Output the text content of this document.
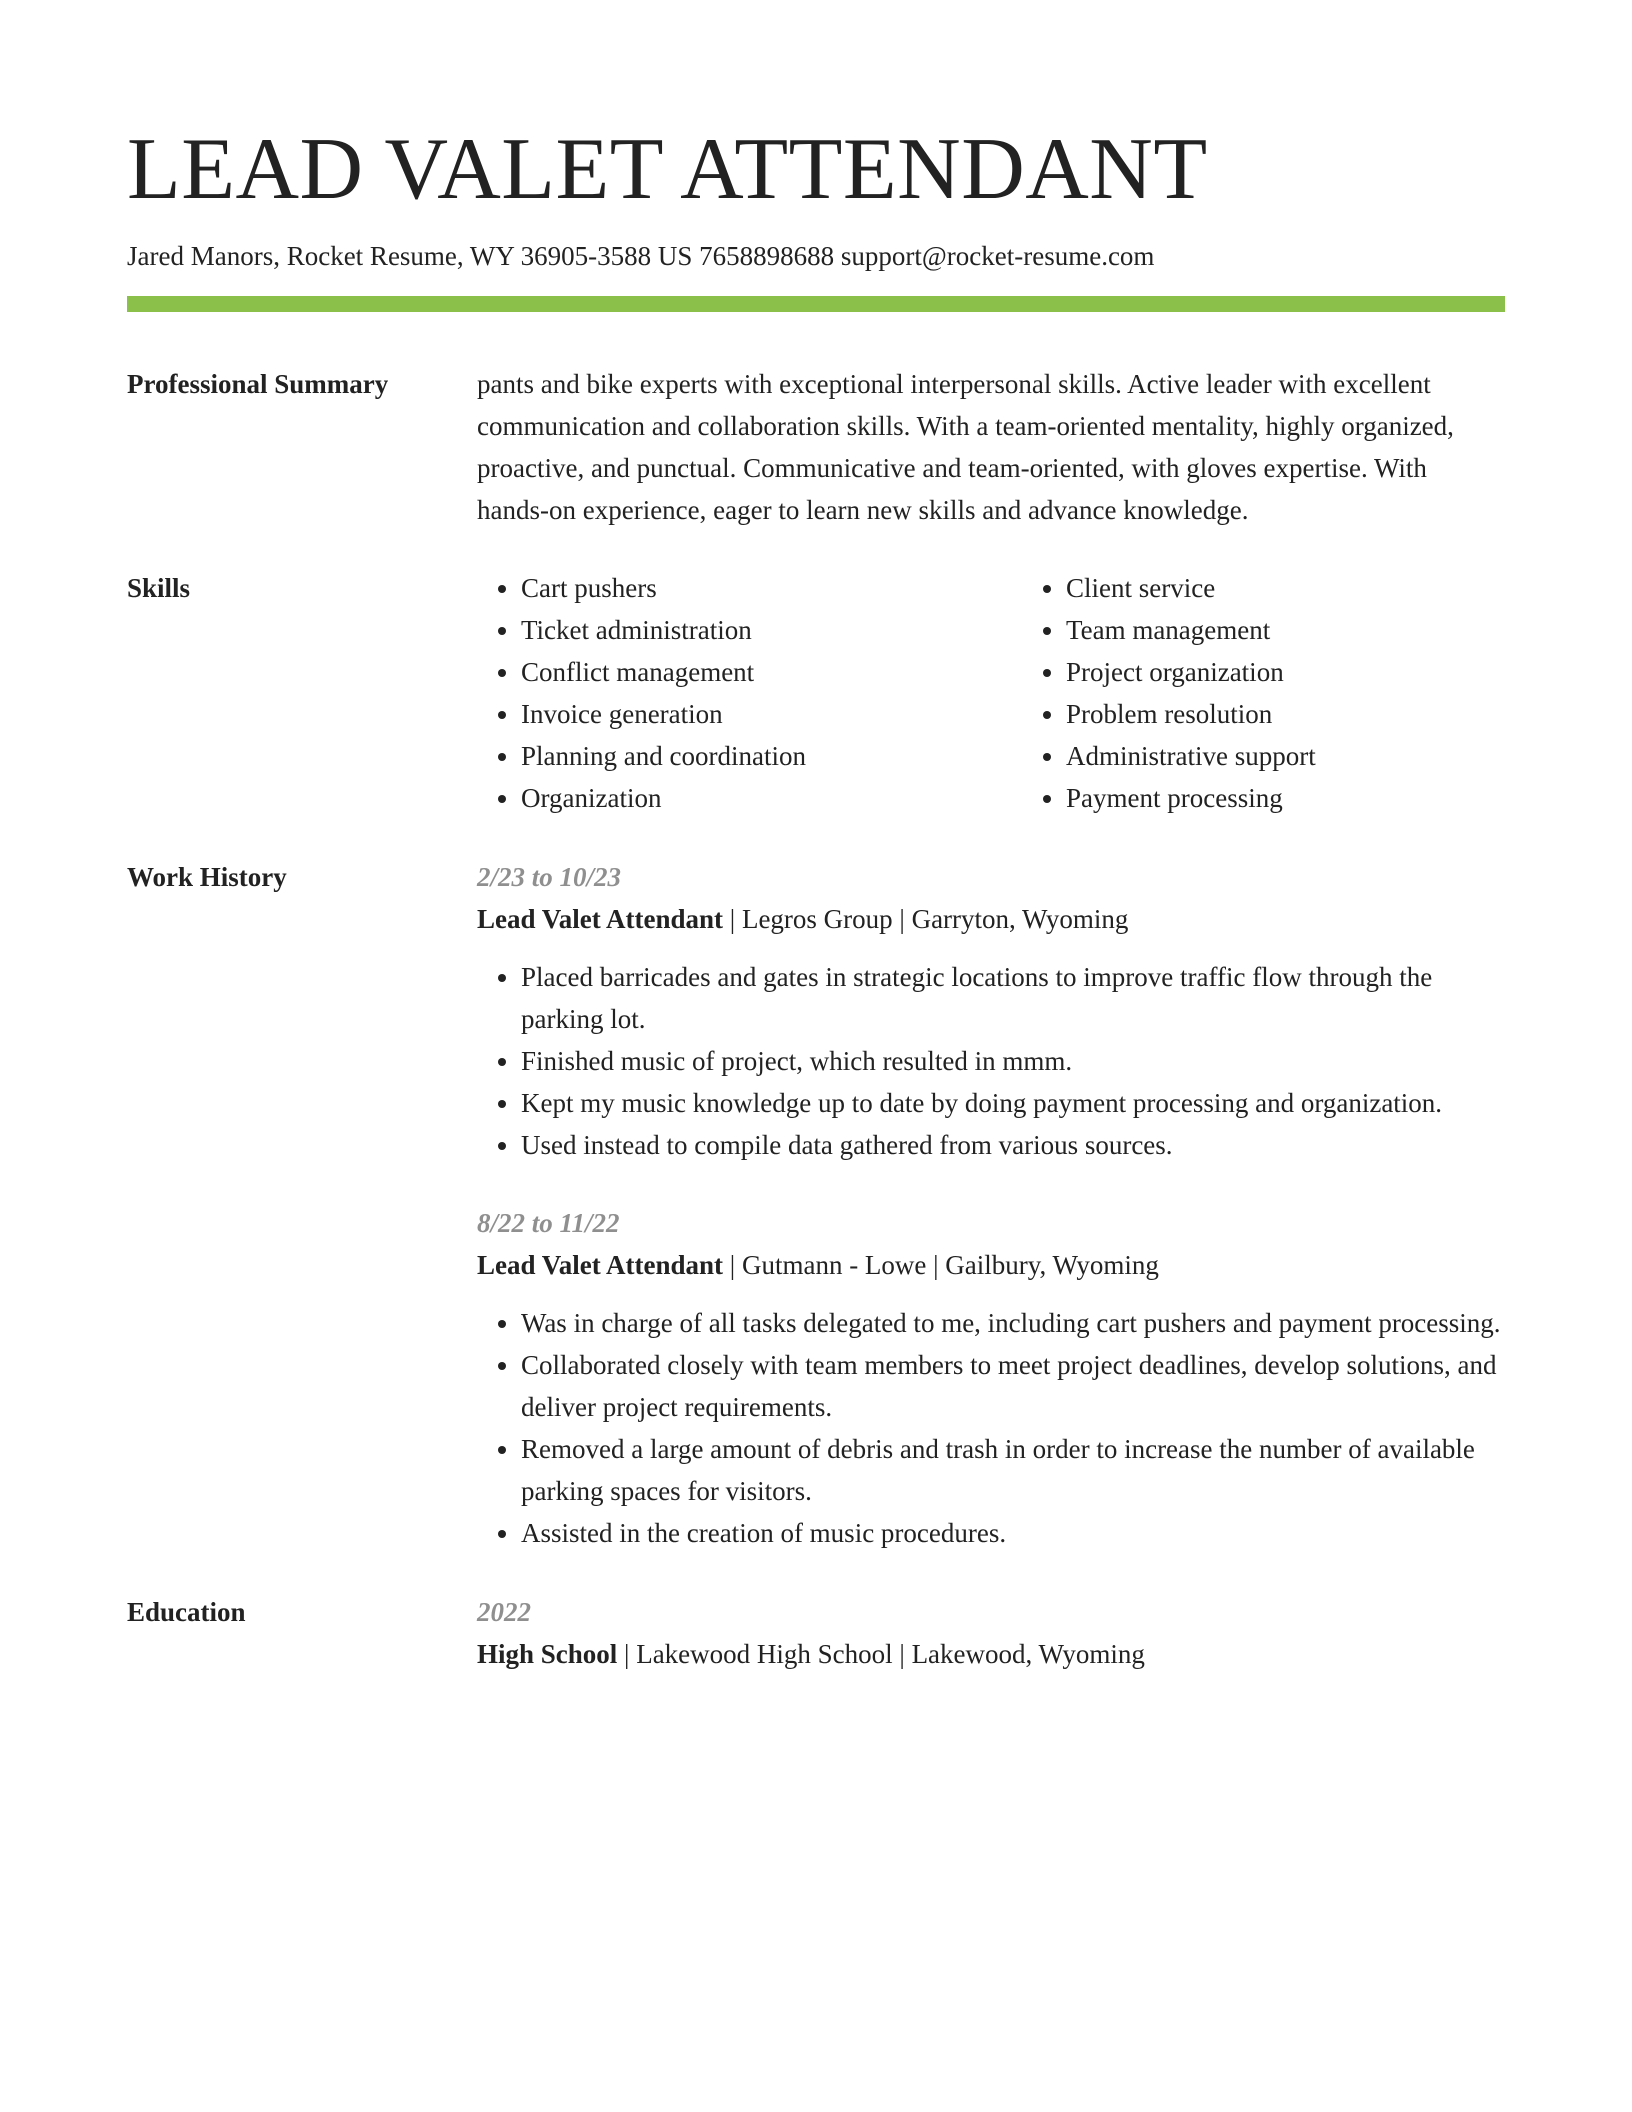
LEAD VALET ATTENDANT
Jared Manors, Rocket Resume, WY 36905-3588 US 7658898688 support@rocket-resume.com
Professional Summary	pants and bike experts with exceptional interpersonal skills. Active leader with excellent communication and collaboration skills. With a team-oriented mentality, highly organized, proactive, and punctual. Communicative and team-oriented, with gloves expertise. With hands-on experience, eager to learn new skills and advance knowledge.

Skills
•	Cart pushers
• Ticket administration
• Conflict management
• Invoice generation
• Planning and coordination
• Organization
• Client service
• Team management
• Project organization
• Problem resolution
• Administrative support
• Payment processing
Work History	2/23 to 10/23
Lead Valet Attendant | Legros Group | Garryton, Wyoming
• Placed barricades and gates in strategic locations to improve traffic flow through the parking lot.
• Finished music of project, which resulted in mmm.
• Kept my music knowledge up to date by doing payment processing and organization.
• Used instead to compile data gathered from various sources.
8/22 to 11/22
Lead Valet Attendant | Gutmann - Lowe | Gailbury, Wyoming
• Was in charge of all tasks delegated to me, including cart pushers and payment processing.
• Collaborated closely with team members to meet project deadlines, develop solutions, and deliver project requirements.
• Removed a large amount of debris and trash in order to increase the number of available parking spaces for visitors.
• Assisted in the creation of music procedures.
Education	2022
High School | Lakewood High School | Lakewood, Wyoming
